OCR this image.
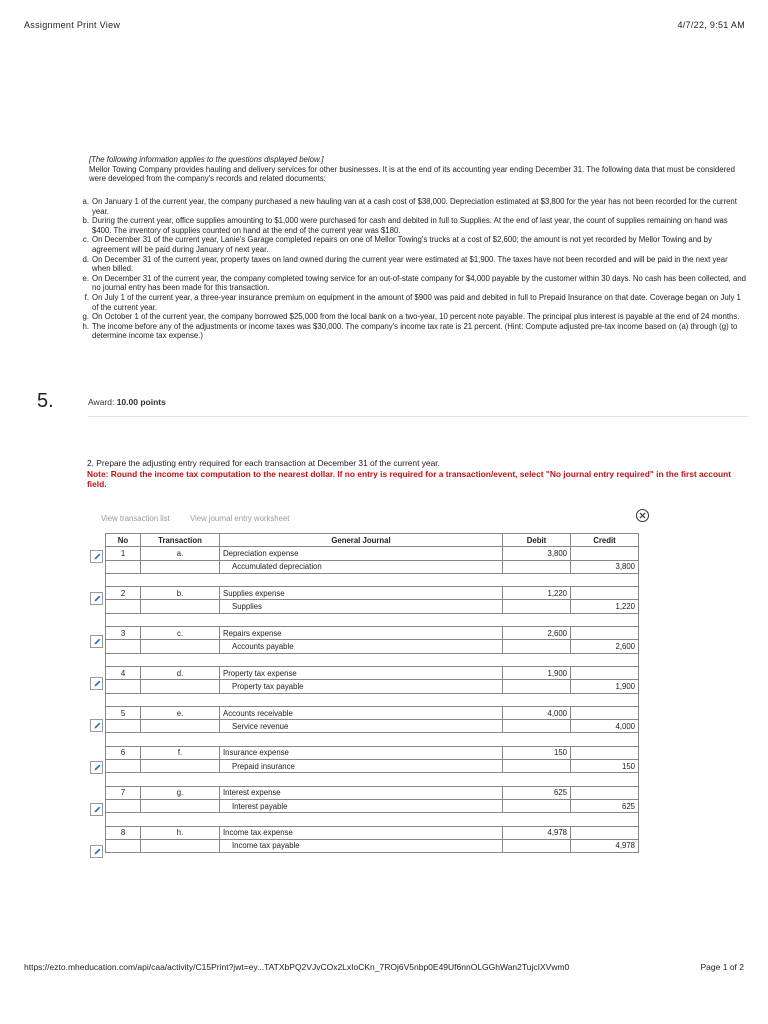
Assignment Print View	4/7/22, 9:51 AM
[The following information applies to the questions displayed below.]
Mellor Towing Company provides hauling and delivery services for other businesses. It is at the end of its accounting year ending December 31. The following data that must be considered were developed from the company's records and related documents:
a. On January 1 of the current year, the company purchased a new hauling van at a cash cost of $38,000. Depreciation estimated at $3,800 for the year has not been recorded for the current year.
b. During the current year, office supplies amounting to $1,000 were purchased for cash and debited in full to Supplies. At the end of last year, the count of supplies remaining on hand was $400. The inventory of supplies counted on hand at the end of the current year was $180.
c. On December 31 of the current year, Lanie's Garage completed repairs on one of Mellor Towing's trucks at a cost of $2,600; the amount is not yet recorded by Mellor Towing and by agreement will be paid during January of next year.
d. On December 31 of the current year, property taxes on land owned during the current year were estimated at $1,900. The taxes have not been recorded and will be paid in the next year when billed.
e. On December 31 of the current year, the company completed towing service for an out-of-state company for $4,000 payable by the customer within 30 days. No cash has been collected, and no journal entry has been made for this transaction.
f. On July 1 of the current year, a three-year insurance premium on equipment in the amount of $900 was paid and debited in full to Prepaid Insurance on that date. Coverage began on July 1 of the current year.
g. On October 1 of the current year, the company borrowed $25,000 from the local bank on a two-year, 10 percent note payable. The principal plus interest is payable at the end of 24 months.
h. The income before any of the adjustments or income taxes was $30,000. The company's income tax rate is 21 percent. (Hint: Compute adjusted pre-tax income based on (a) through (g) to determine income tax expense.)
5.	Award: 10.00 points
2. Prepare the adjusting entry required for each transaction at December 31 of the current year.
Note: Round the income tax computation to the nearest dollar. If no entry is required for a transaction/event, select "No journal entry required" in the first account field.
View transaction list	View journal entry worksheet
No	Transaction	General Journal	Debit	Credit
1	a.	Depreciation expense	3,800	
		Accumulated depreciation		3,800

2	b.	Supplies expense	1,220	
		Supplies		1,220

3	c.	Repairs expense	2,600	
		Accounts payable		2,600

4	d.	Property tax expense	1,900	
		Property tax payable		1,900

5	e.	Accounts receivable	4,000	
		Service revenue		4,000

6	f.	Insurance expense	150	
		Prepaid insurance		150

7	g.	Interest expense	625	
		Interest payable		625

8	h.	Income tax expense	4,978	
		Income tax payable		4,978
https://ezto.mheducation.com/api/caa/activity/C15Print?jwt=ey...TATXbPQ2VJvCOx2LxIoCKn_7ROj6V5nbp0E49Uf6nnOLGGhWan2TujcIXVwm0	Page 1 of 2
